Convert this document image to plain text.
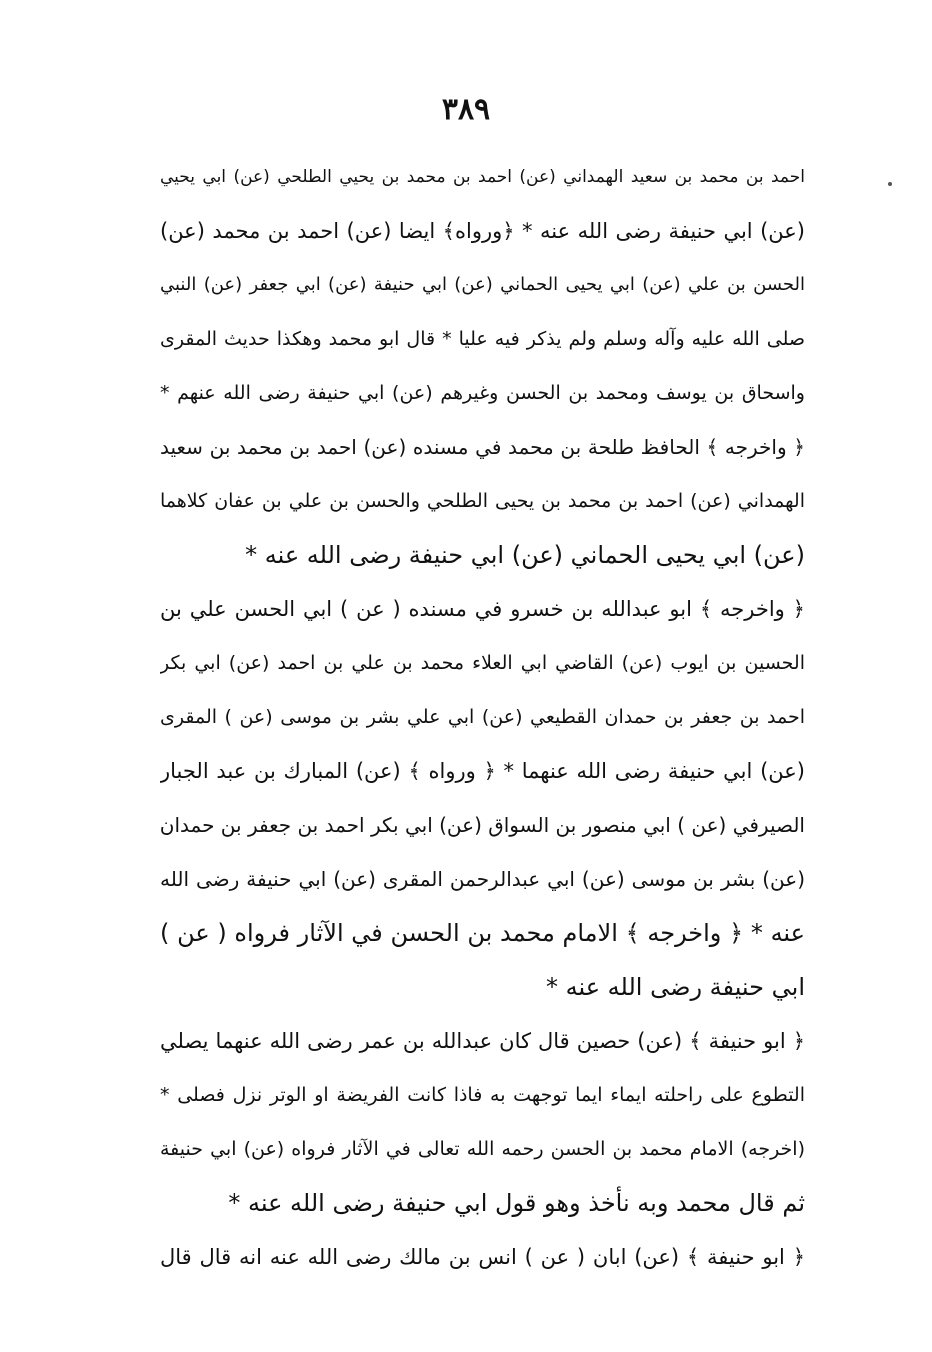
٣٨٩
احمد بن محمد بن سعيد الهمداني (عن) احمد بن محمد بن يحيي الطلحي (عن) ابي يحيي
(عن) ابي حنيفة رضى الله عنه * ﴿ورواه﴾ ايضا (عن) احمد بن محمد (عن)
الحسن بن علي (عن) ابي يحيى الحماني (عن) ابي حنيفة (عن) ابي جعفر (عن) النبي
صلى الله عليه وآله وسلم ولم يذكر فيه عليا * قال ابو محمد وهكذا حديث المقرى
واسحاق بن يوسف ومحمد بن الحسن وغيرهم (عن) ابي حنيفة رضى الله عنهم *
﴿ واخرجه ﴾ الحافظ طلحة بن محمد في مسنده (عن) احمد بن محمد بن سعيد
الهمداني (عن) احمد بن محمد بن يحيى الطلحي والحسن بن علي بن عفان كلاهما
(عن) ابي يحيى الحماني (عن) ابي حنيفة رضى الله عنه *
﴿ واخرجه ﴾ ابو عبدالله بن خسرو في مسنده ( عن ) ابي الحسن علي بن
الحسين بن ايوب (عن) القاضي ابي العلاء محمد بن علي بن احمد (عن) ابي بكر
احمد بن جعفر بن حمدان القطيعي (عن) ابي علي بشر بن موسى (عن ) المقرى
(عن) ابي حنيفة رضى الله عنهما * ﴿ ورواه ﴾ (عن) المبارك بن عبد الجبار
الصيرفي (عن ) ابي منصور بن السواق (عن) ابي بكر احمد بن جعفر بن حمدان
(عن) بشر بن موسى (عن) ابي عبدالرحمن المقرى (عن) ابي حنيفة رضى الله
عنه * ﴿ واخرجه ﴾ الامام محمد بن الحسن في الآثار فرواه ( عن )
ابي حنيفة رضى الله عنه *
﴿ ابو حنيفة ﴾ (عن) حصين قال كان عبدالله بن عمر رضى الله عنهما يصلي
التطوع على راحلته ايماء ايما توجهت به فاذا كانت الفريضة او الوتر نزل فصلى *
(اخرجه) الامام محمد بن الحسن رحمه الله تعالى في الآثار فرواه (عن) ابي حنيفة
ثم قال محمد وبه نأخذ وهو قول ابي حنيفة رضى الله عنه *
﴿ ابو حنيفة ﴾ (عن) ابان ( عن ) انس بن مالك رضى الله عنه انه قال قال
